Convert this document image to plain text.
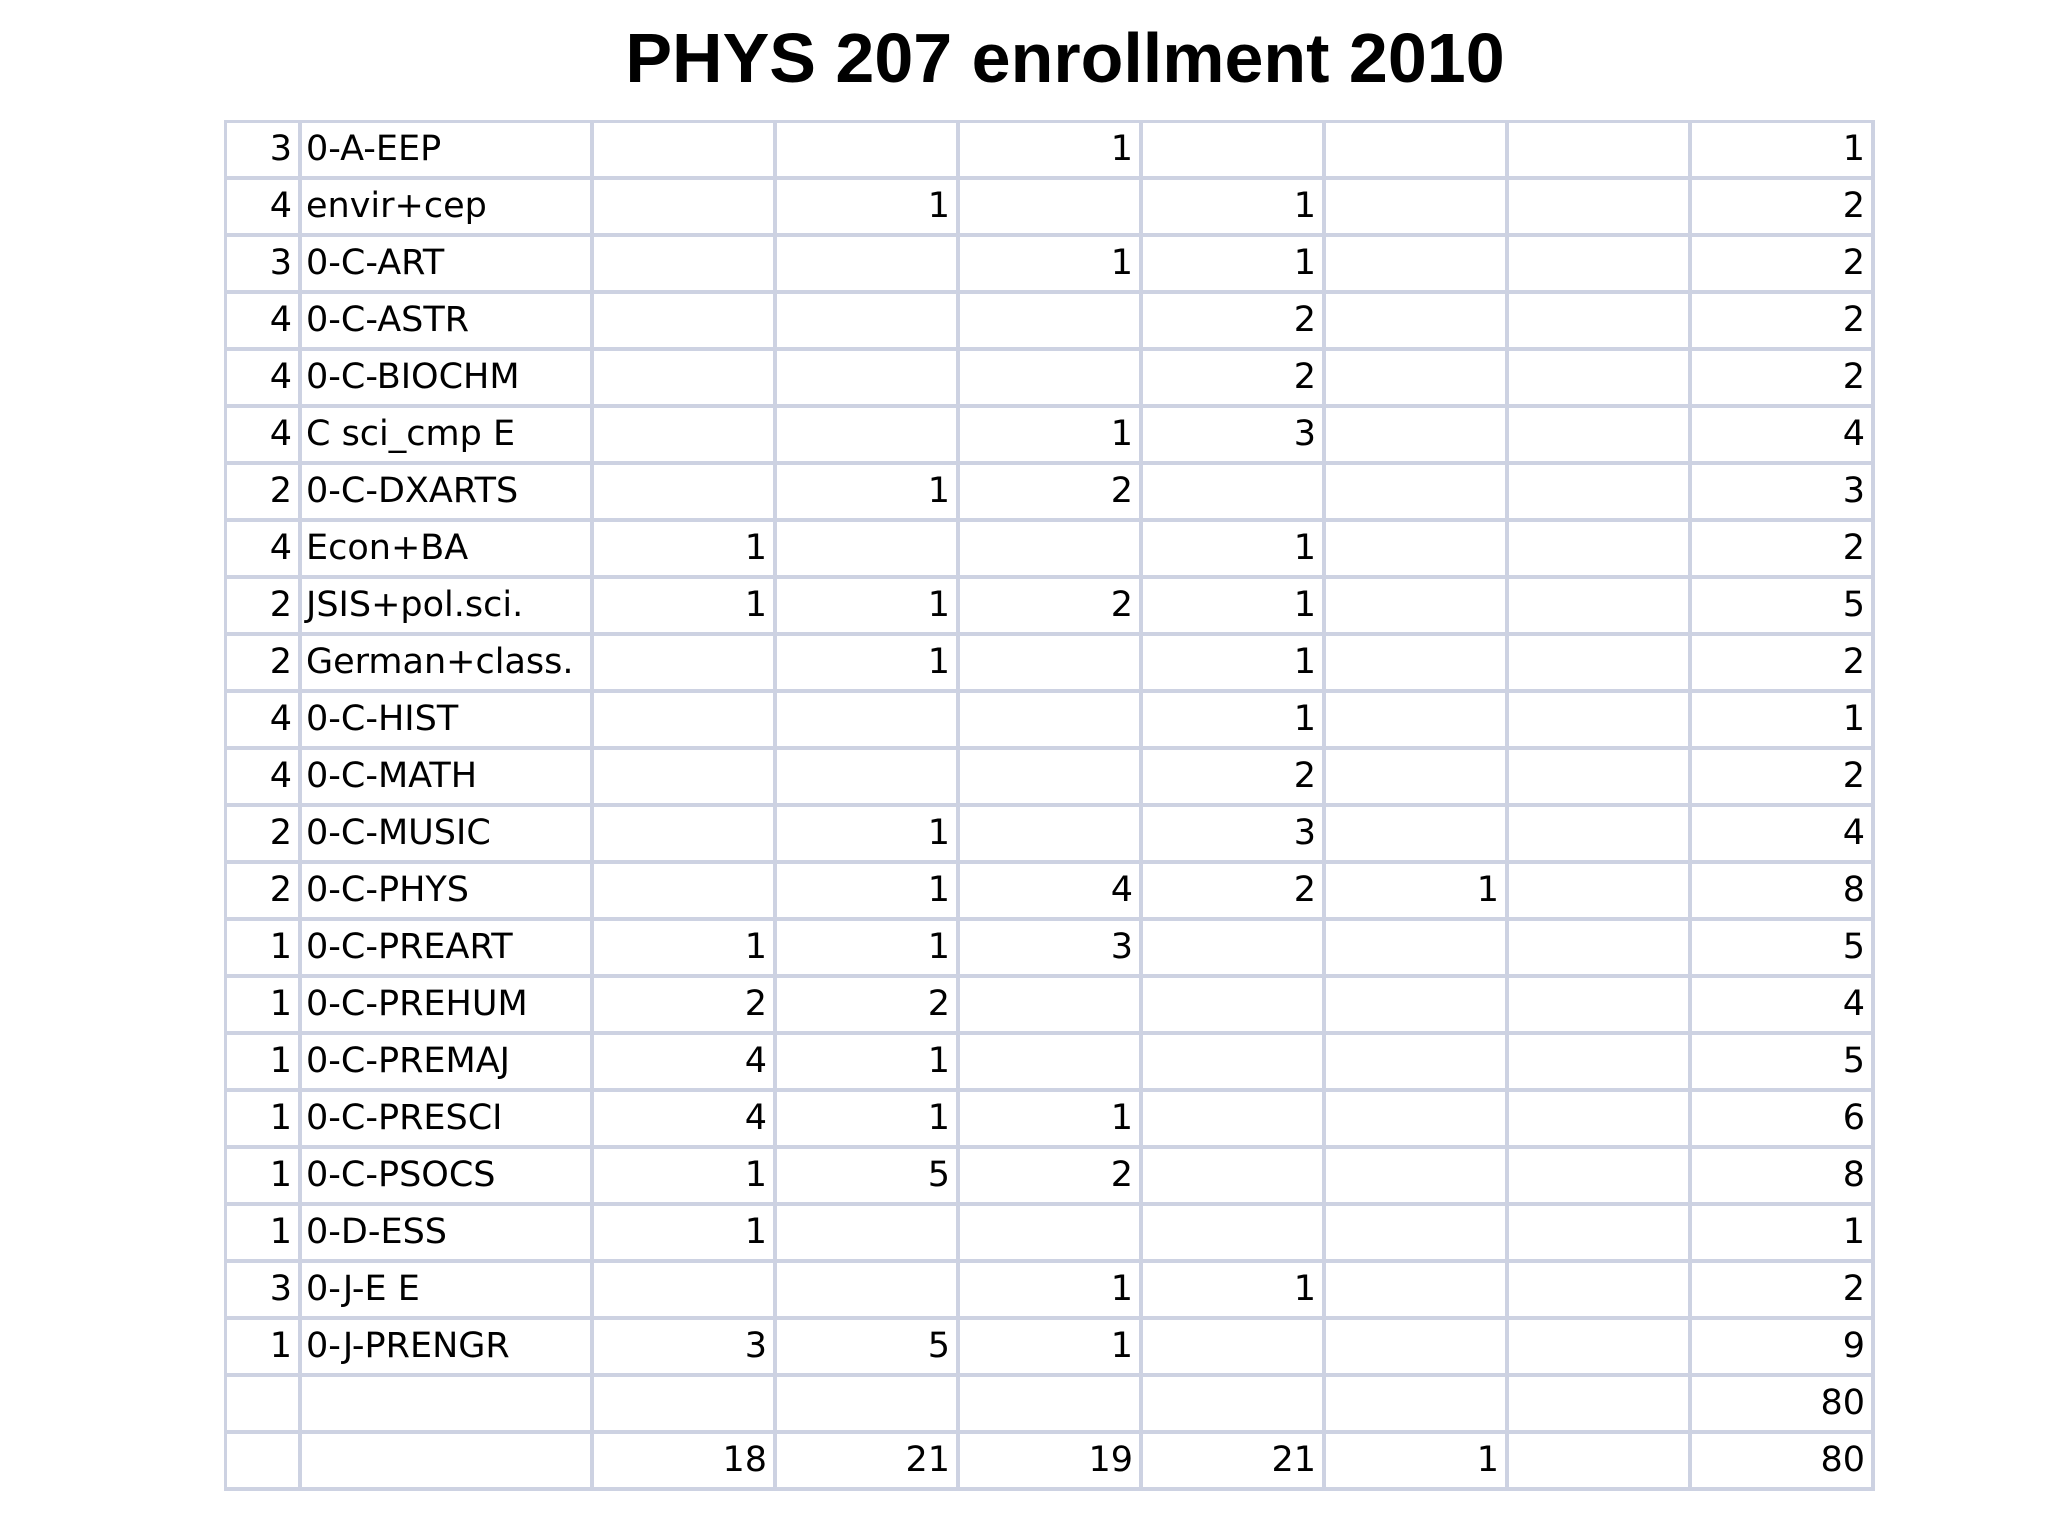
PHYS 207 enrollment 2010
3	0-A-EEP			1				1
4	envir+cep		1		1			2
3	0-C-ART			1	1			2
4	0-C-ASTR				2			2
4	0-C-BIOCHM				2			2
4	C sci_cmp E			1	3			4
2	0-C-DXARTS		1	2				3
4	Econ+BA	1			1			2
2	JSIS+pol.sci.	1	1	2	1			5
2	German+class.		1		1			2
4	0-C-HIST				1			1
4	0-C-MATH				2			2
2	0-C-MUSIC		1		3			4
2	0-C-PHYS		1	4	2	1		8
1	0-C-PREART	1	1	3				5
1	0-C-PREHUM	2	2					4
1	0-C-PREMAJ	4	1					5
1	0-C-PRESCI	4	1	1				6
1	0-C-PSOCS	1	5	2				8
1	0-D-ESS	1						1
3	0-J-E E			1	1			2
1	0-J-PRENGR	3	5	1				9
								80
		18	21	19	21	1		80
